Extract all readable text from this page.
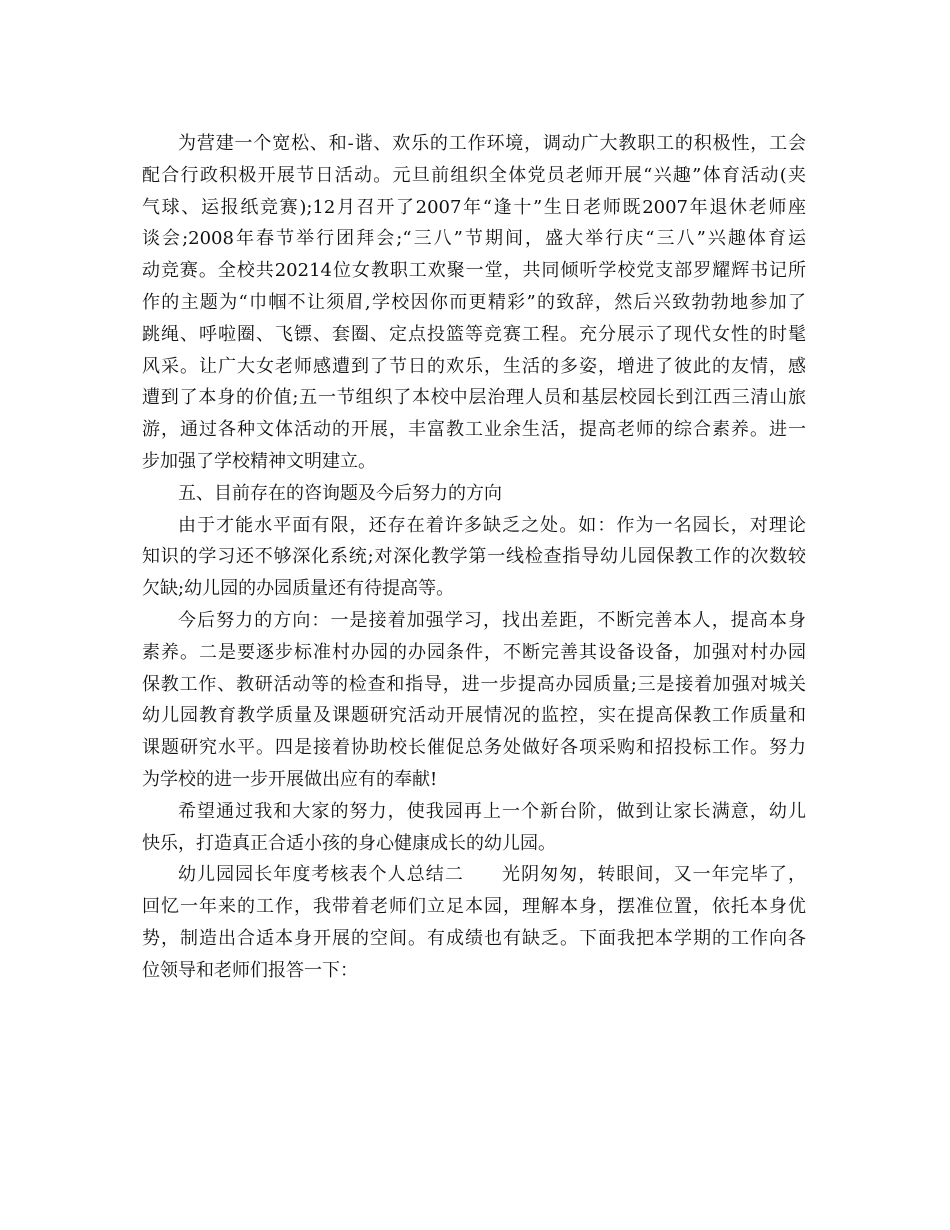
为营建一个宽松、和-谐、欢乐的工作环境，调动广大教职工的积极性，工会
配合行政积极开展节日活动。元旦前组织全体党员老师开展“兴趣”体育活动(夹
气球、运报纸竞赛);12月召开了2007年“逢十”生日老师既2007年退休老师座
谈会;2008年春节举行团拜会;“三八”节期间，盛大举行庆“三八”兴趣体育运
动竞赛。全校共20214位女教职工欢聚一堂，共同倾听学校党支部罗耀辉书记所
作的主题为“巾帼不让须眉,学校因你而更精彩”的致辞，然后兴致勃勃地参加了
跳绳、呼啦圈、飞镖、套圈、定点投篮等竞赛工程。充分展示了现代女性的时髦
风采。让广大女老师感遭到了节日的欢乐，生活的多姿，增进了彼此的友情，感
遭到了本身的价值;五一节组织了本校中层治理人员和基层校园长到江西三清山旅
游，通过各种文体活动的开展，丰富教工业余生活，提高老师的综合素养。进一
步加强了学校精神文明建立。
五、目前存在的咨询题及今后努力的方向
由于才能水平面有限，还存在着许多缺乏之处。如：作为一名园长，对理论
知识的学习还不够深化系统;对深化教学第一线检查指导幼儿园保教工作的次数较
欠缺;幼儿园的办园质量还有待提高等。
今后努力的方向：一是接着加强学习，找出差距，不断完善本人，提高本身
素养。二是要逐步标准村办园的办园条件，不断完善其设备设备，加强对村办园
保教工作、教研活动等的检查和指导，进一步提高办园质量;三是接着加强对城关
幼儿园教育教学质量及课题研究活动开展情况的监控，实在提高保教工作质量和
课题研究水平。四是接着协助校长催促总务处做好各项采购和招投标工作。努力
为学校的进一步开展做出应有的奉献!
希望通过我和大家的努力，使我园再上一个新台阶，做到让家长满意，幼儿
快乐，打造真正合适小孩的身心健康成长的幼儿园。
幼儿园园长年度考核表个人总结二　　光阴匆匆，转眼间，又一年完毕了，
回忆一年来的工作，我带着老师们立足本园，理解本身，摆准位置，依托本身优
势，制造出合适本身开展的空间。有成绩也有缺乏。下面我把本学期的工作向各
位领导和老师们报答一下：
